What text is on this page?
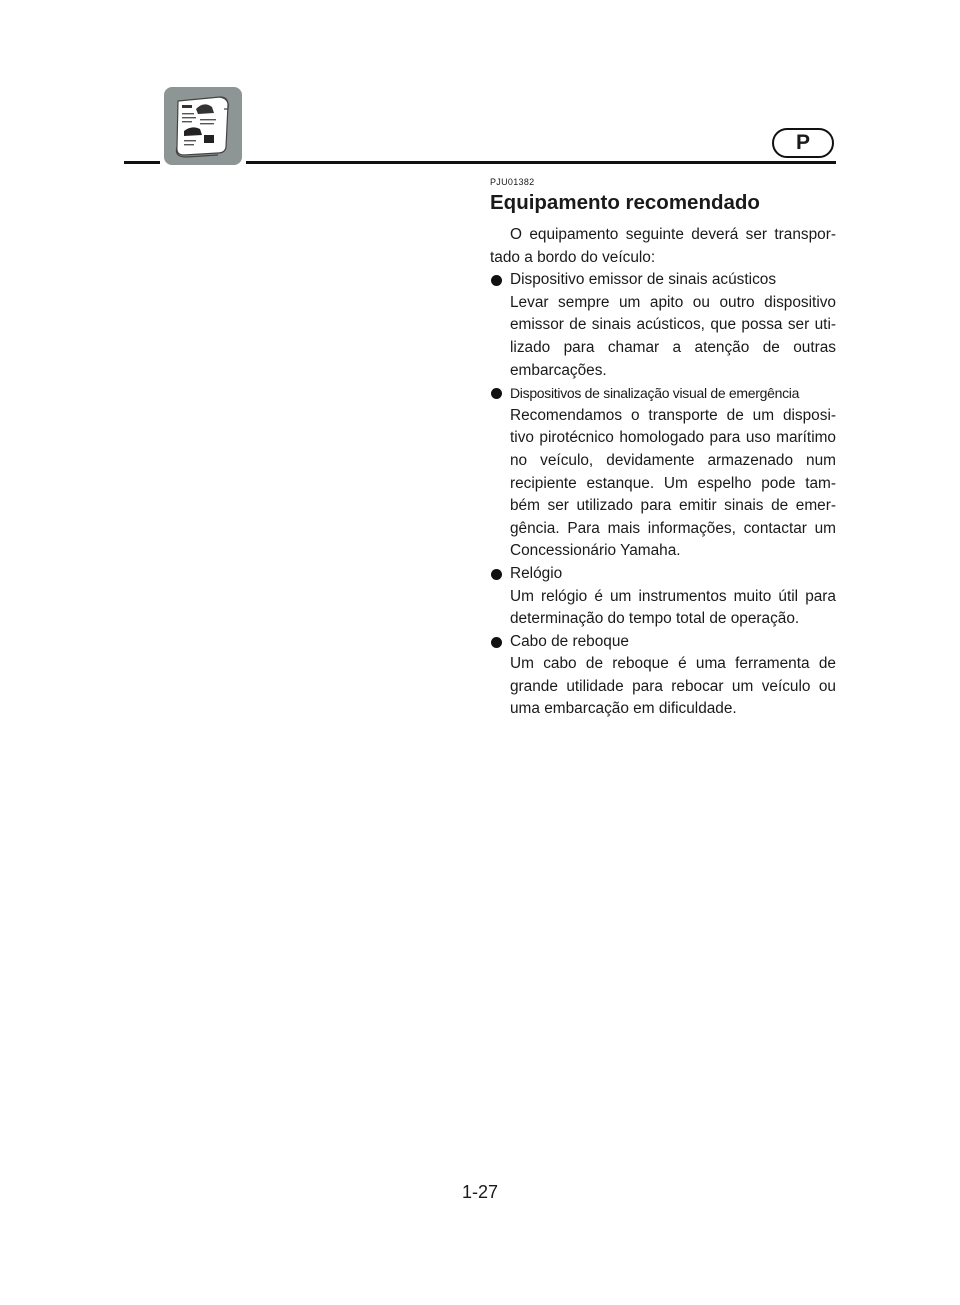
P
PJU01382
Equipamento recomendado

O equipamento seguinte deverá ser transpor-tado a bordo do veículo:

Dispositivo emissor de sinais acústicos
Levar sempre um apito ou outro dispositivo emissor de sinais acústicos, que possa ser uti-lizado para chamar a atenção de outras embarcações.
Dispositivos de sinalização visual de emergência
Recomendamos o transporte de um disposi-tivo pirotécnico homologado para uso marítimo no veículo, devidamente armazenado num recipiente estanque. Um espelho pode tam-bém ser utilizado para emitir sinais de emer-gência. Para mais informações, contactar um Concessionário Yamaha.
Relógio
Um relógio é um instrumentos muito útil para determinação do tempo total de operação.
Cabo de reboque
Um cabo de reboque é uma ferramenta de grande utilidade para rebocar um veículo ou uma embarcação em dificuldade.
1-27
